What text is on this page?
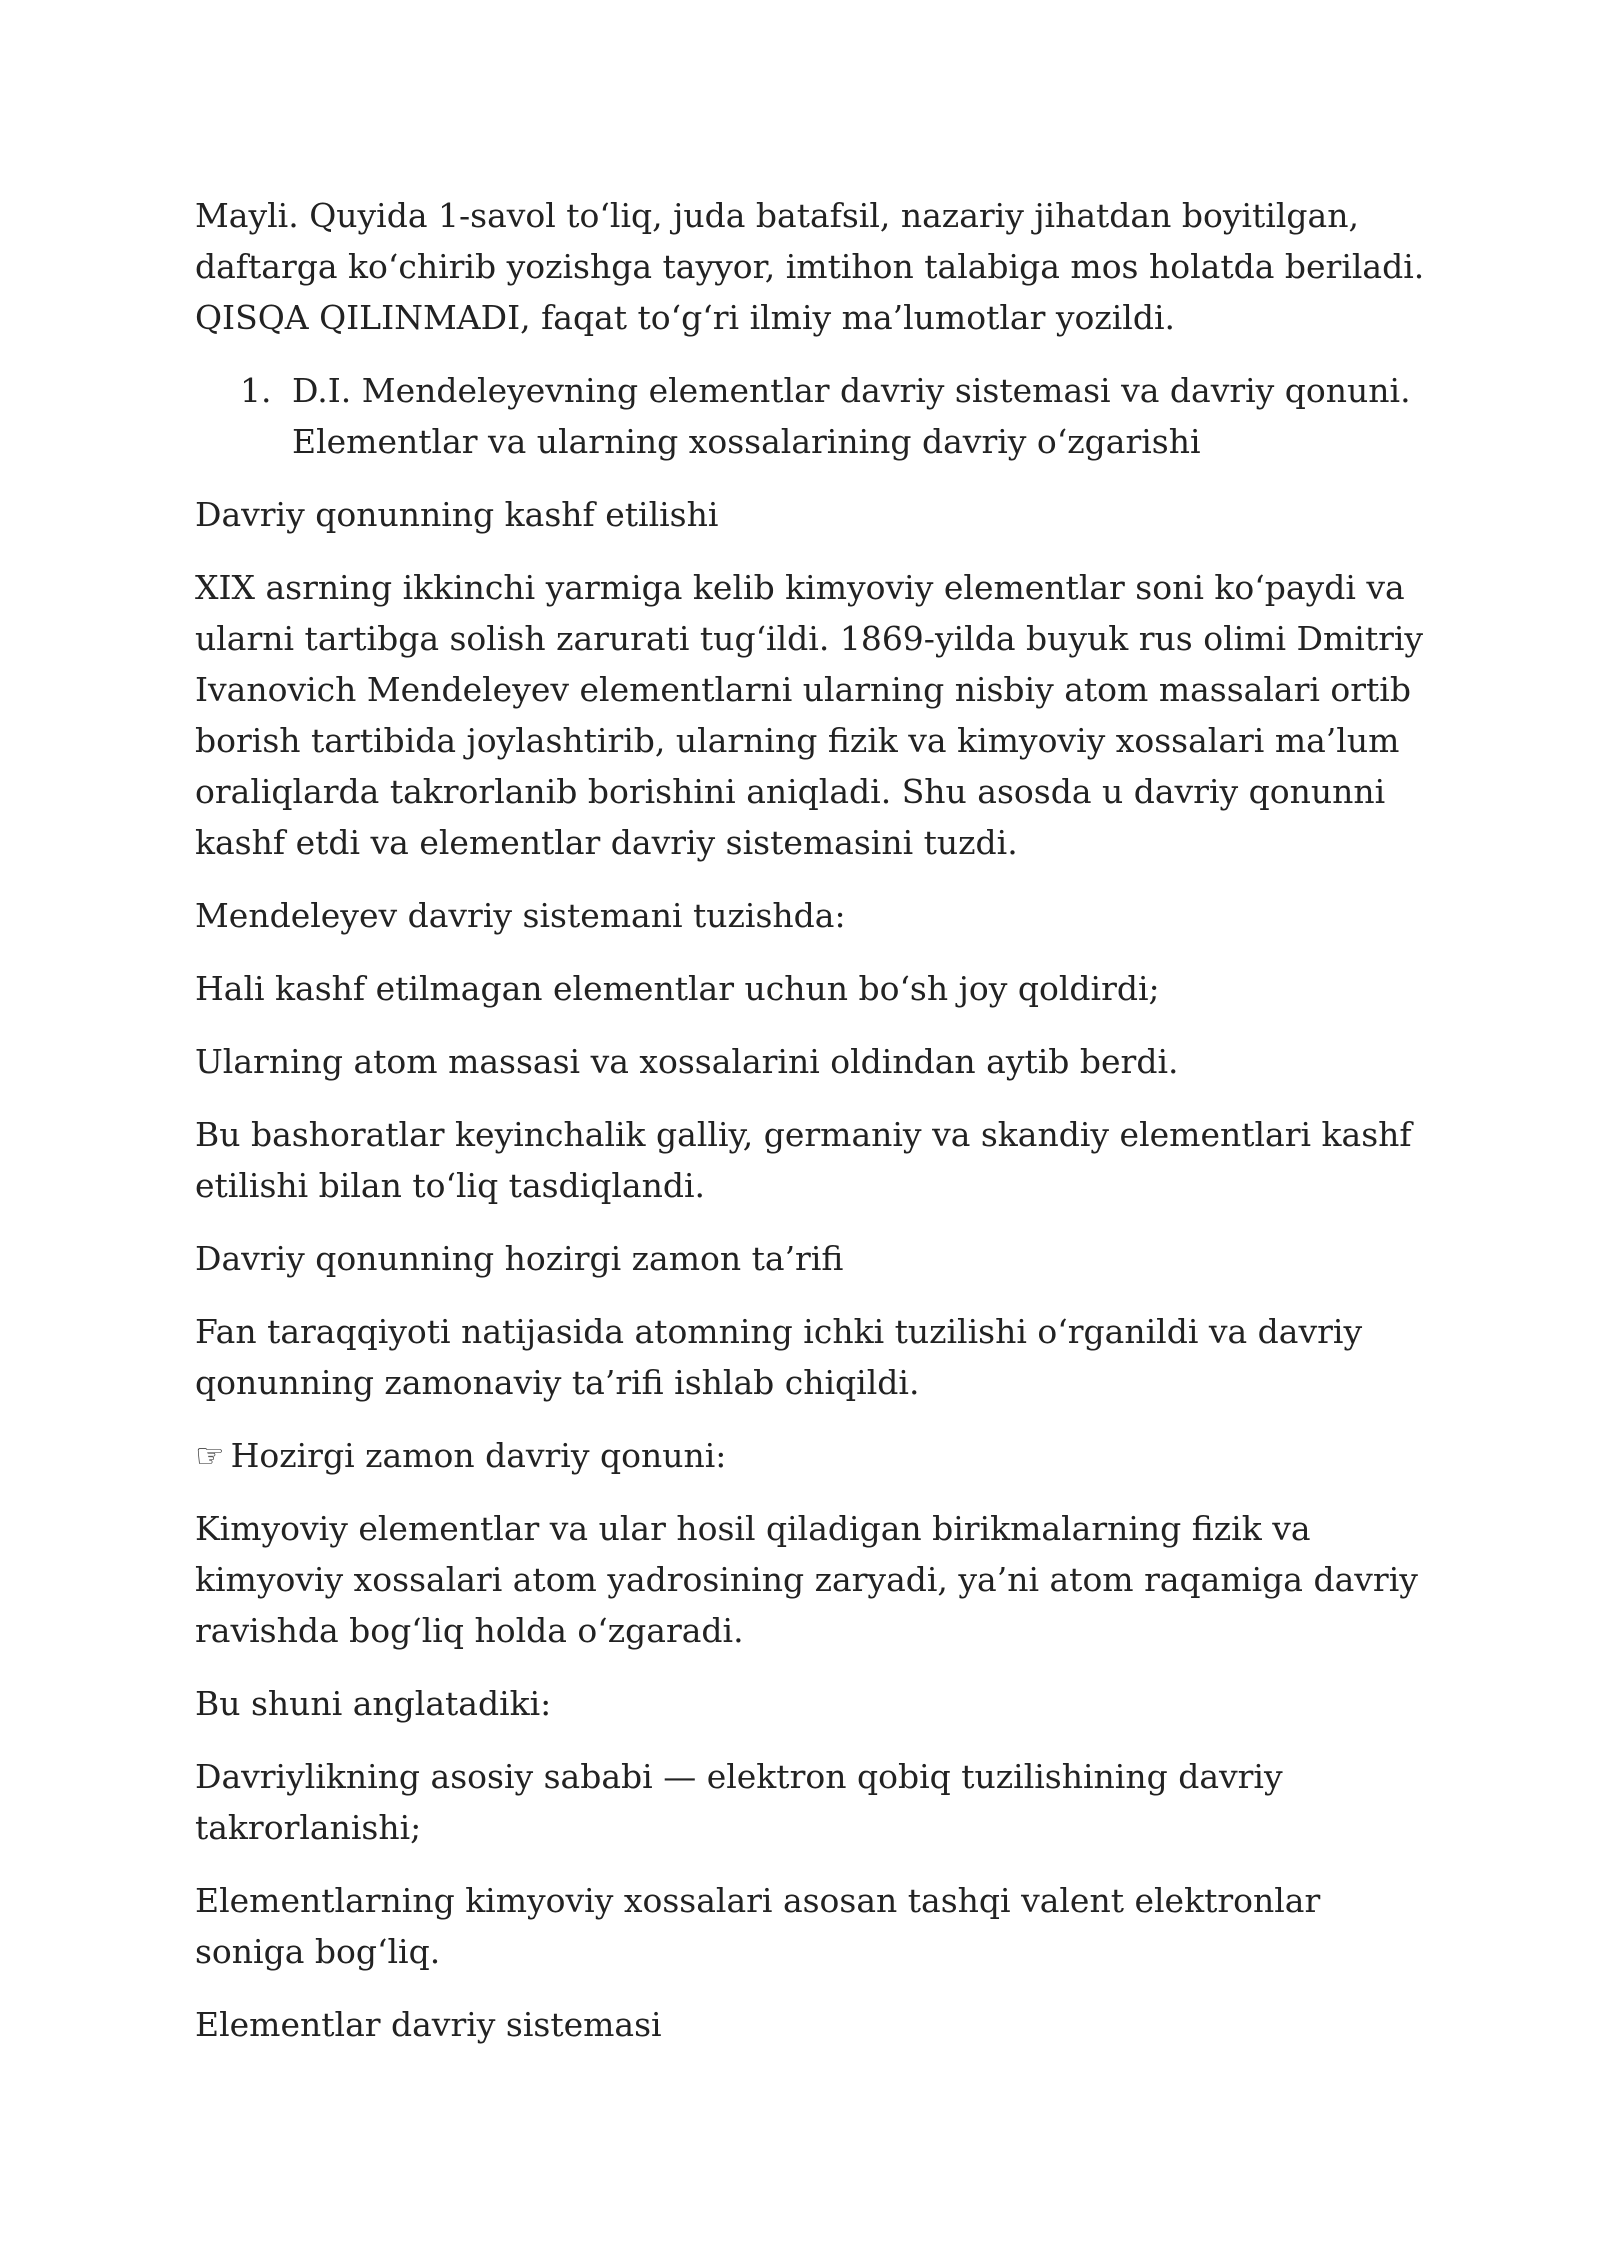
Mayli. Quyida 1-savol to‘liq, juda batafsil, nazariy jihatdan boyitilgan, daftarga ko‘chirib yozishga tayyor, imtihon talabiga mos holatda beriladi. QISQA QILINMADI, faqat to‘g‘ri ilmiy ma’lumotlar yozildi.

1. D.I. Mendeleyevning elementlar davriy sistemasi va davriy qonuni. Elementlar va ularning xossalarining davriy o‘zgarishi

Davriy qonunning kashf etilishi

XIX asrning ikkinchi yarmiga kelib kimyoviy elementlar soni ko‘paydi va ularni tartibga solish zarurati tug‘ildi. 1869-yilda buyuk rus olimi Dmitriy Ivanovich Mendeleyev elementlarni ularning nisbiy atom massalari ortib borish tartibida joylashtirib, ularning fizik va kimyoviy xossalari ma’lum oraliqlarda takrorlanib borishini aniqladi. Shu asosda u davriy qonunni kashf etdi va elementlar davriy sistemasini tuzdi.

Mendeleyev davriy sistemani tuzishda:

Hali kashf etilmagan elementlar uchun bo‘sh joy qoldirdi;

Ularning atom massasi va xossalarini oldindan aytib berdi.

Bu bashoratlar keyinchalik galliy, germaniy va skandiy elementlari kashf etilishi bilan to‘liq tasdiqlandi.

Davriy qonunning hozirgi zamon ta’rifi

Fan taraqqiyoti natijasida atomning ichki tuzilishi o‘rganildi va davriy qonunning zamonaviy ta’rifi ishlab chiqildi.

☞ Hozirgi zamon davriy qonuni:

Kimyoviy elementlar va ular hosil qiladigan birikmalarning fizik va kimyoviy xossalari atom yadrosining zaryadi, ya’ni atom raqamiga davriy ravishda bog‘liq holda o‘zgaradi.

Bu shuni anglatadiki:

Davriylikning asosiy sababi — elektron qobiq tuzilishining davriy takrorlanishi;

Elementlarning kimyoviy xossalari asosan tashqi valent elektronlar soniga bog‘liq.

Elementlar davriy sistemasi
